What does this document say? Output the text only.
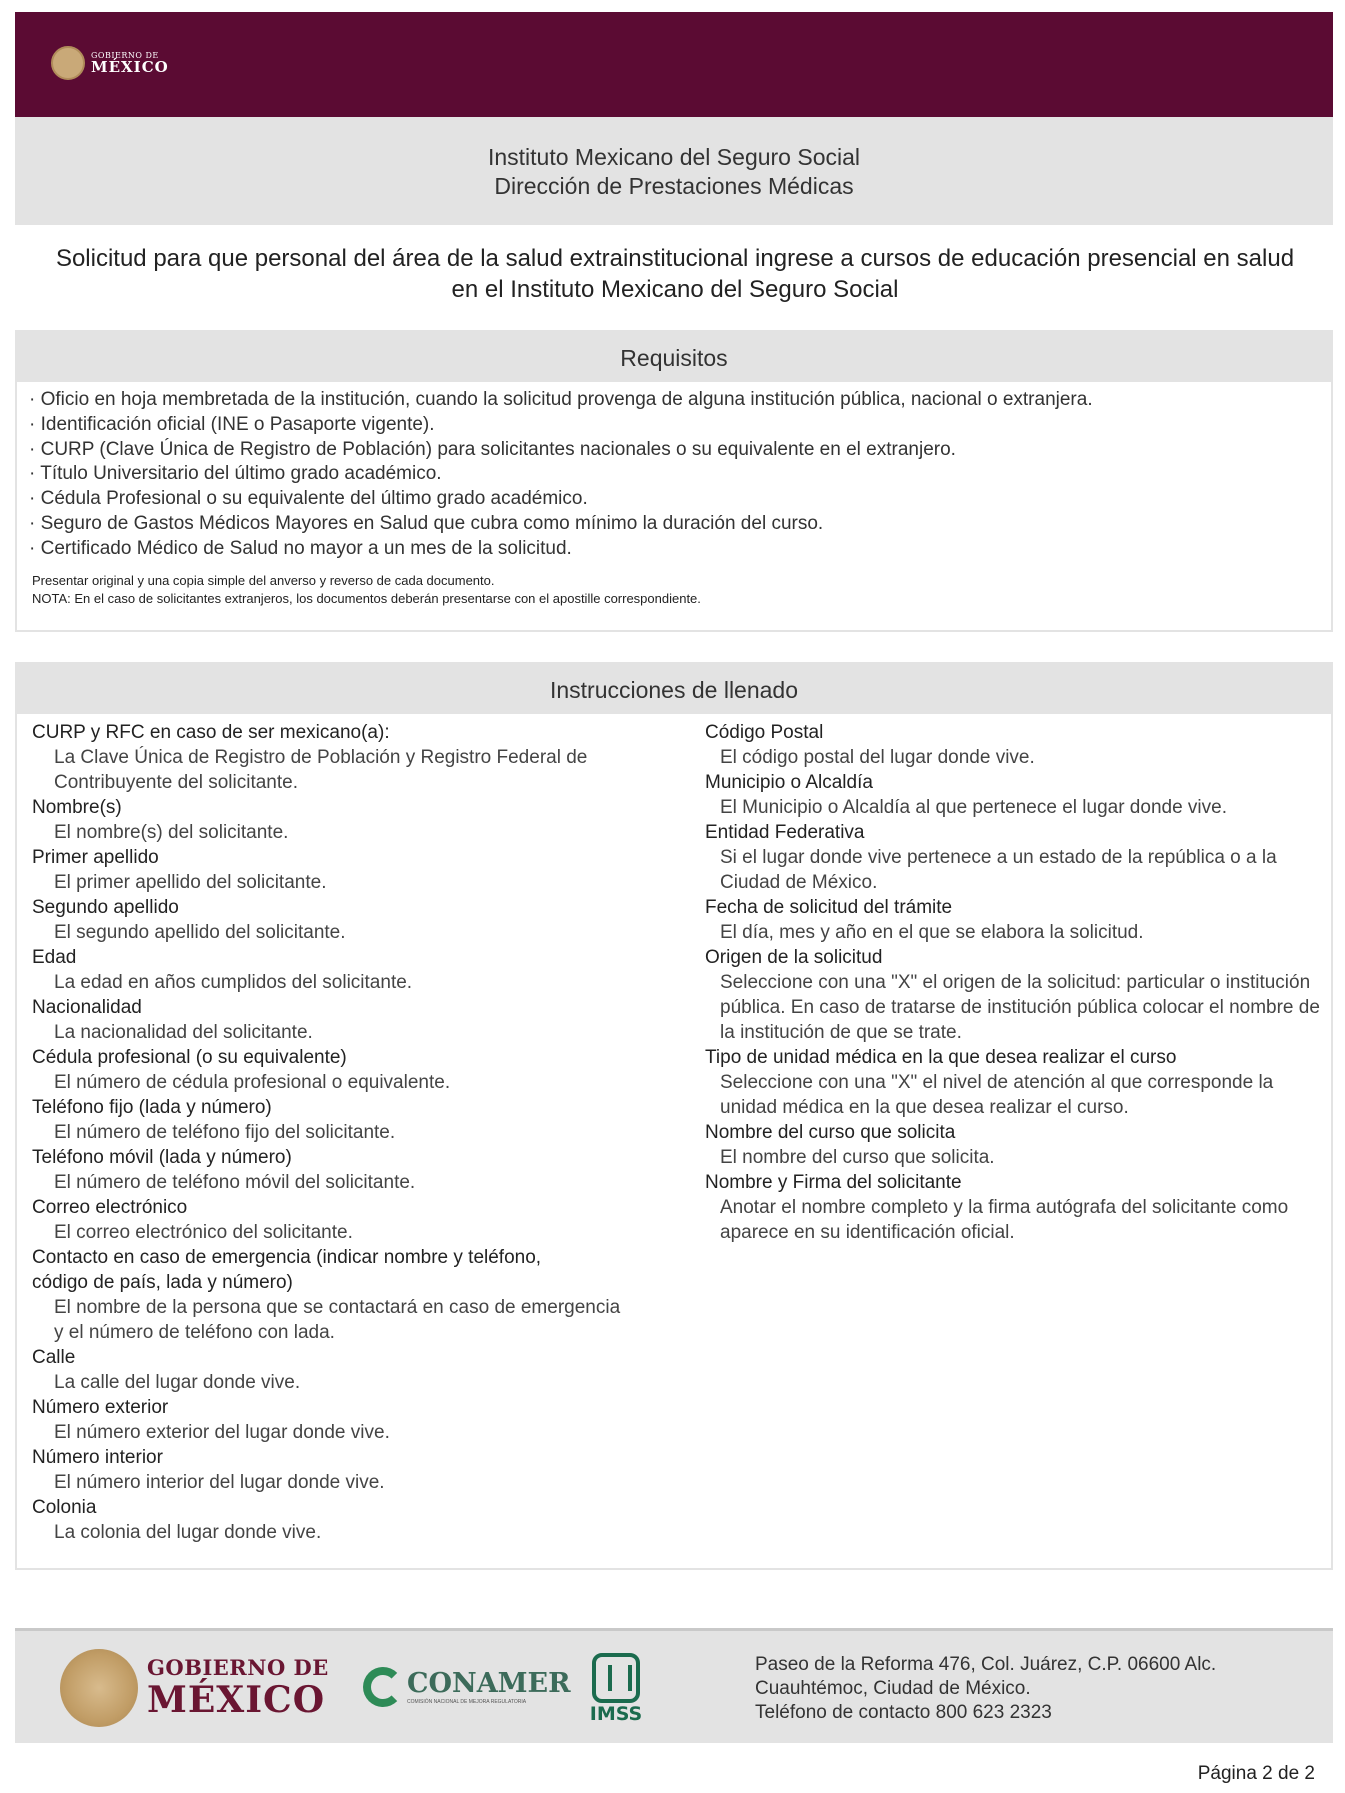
GOBIERNO DE
MÉXICO
Instituto Mexicano del Seguro Social
Dirección de Prestaciones Médicas
Solicitud para que personal del área de la salud extrainstitucional ingrese a cursos de educación presencial en salud en el Instituto Mexicano del Seguro Social
Requisitos
· Oficio en hoja membretada de la institución, cuando la solicitud provenga de alguna institución pública, nacional o extranjera.
· Identificación oficial (INE o Pasaporte vigente).
· CURP (Clave Única de Registro de Población) para solicitantes nacionales o su equivalente en el extranjero.
· Título Universitario del último grado académico.
· Cédula Profesional o su equivalente del último grado académico.
· Seguro de Gastos Médicos Mayores en Salud que cubra como mínimo la duración del curso.
· Certificado Médico de Salud no mayor a un mes de la solicitud.
Presentar original y una copia simple del anverso y reverso de cada documento.
NOTA: En el caso de solicitantes extranjeros, los documentos deberán presentarse con el apostille correspondiente.
Instrucciones de llenado
CURP y RFC en caso de ser mexicano(a):
La Clave Única de Registro de Población y Registro Federal de Contribuyente del solicitante.
Nombre(s)
El nombre(s) del solicitante.
Primer apellido
El primer apellido del solicitante.
Segundo apellido
El segundo apellido del solicitante.
Edad
La edad en años cumplidos del solicitante.
Nacionalidad
La nacionalidad del solicitante.
Cédula profesional (o su equivalente)
El número de cédula profesional o equivalente.
Teléfono fijo (lada y número)
El número de teléfono fijo del solicitante.
Teléfono móvil (lada y número)
El número de teléfono móvil del solicitante.
Correo electrónico
El correo electrónico del solicitante.
Contacto en caso de emergencia (indicar nombre y teléfono, código de país, lada y número)
El nombre de la persona que se contactará en caso de emergencia y el número de teléfono con lada.
Calle
La calle del lugar donde vive.
Número exterior
El número exterior del lugar donde vive.
Número interior
El número interior del lugar donde vive.
Colonia
La colonia del lugar donde vive.
Código Postal
El código postal del lugar donde vive.
Municipio o Alcaldía
El Municipio o Alcaldía al que pertenece el lugar donde vive.
Entidad Federativa
Si el lugar donde vive pertenece a un estado de la república o a la Ciudad de México.
Fecha de solicitud del trámite
El día, mes y año en el que se elabora la solicitud.
Origen de la solicitud
Seleccione con una "X" el origen de la solicitud: particular o institución pública. En caso de tratarse de institución pública colocar el nombre de la institución de que se trate.
Tipo de unidad médica en la que desea realizar el curso
Seleccione con una "X" el nivel de atención al que corresponde la unidad médica en la que desea realizar el curso.
Nombre del curso que solicita
El nombre del curso que solicita.
Nombre y Firma del solicitante
Anotar el nombre completo y la firma autógrafa del solicitante como aparece en su identificación oficial.
GOBIERNO DE
MÉXICO	CONAMER
COMISIÓN NACIONAL DE MEJORA REGULATORIA
IMSS
Paseo de la Reforma 476, Col. Juárez, C.P. 06600 Alc.
Cuauhtémoc, Ciudad de México.
Teléfono de contacto 800 623 2323
Página 2 de 2
